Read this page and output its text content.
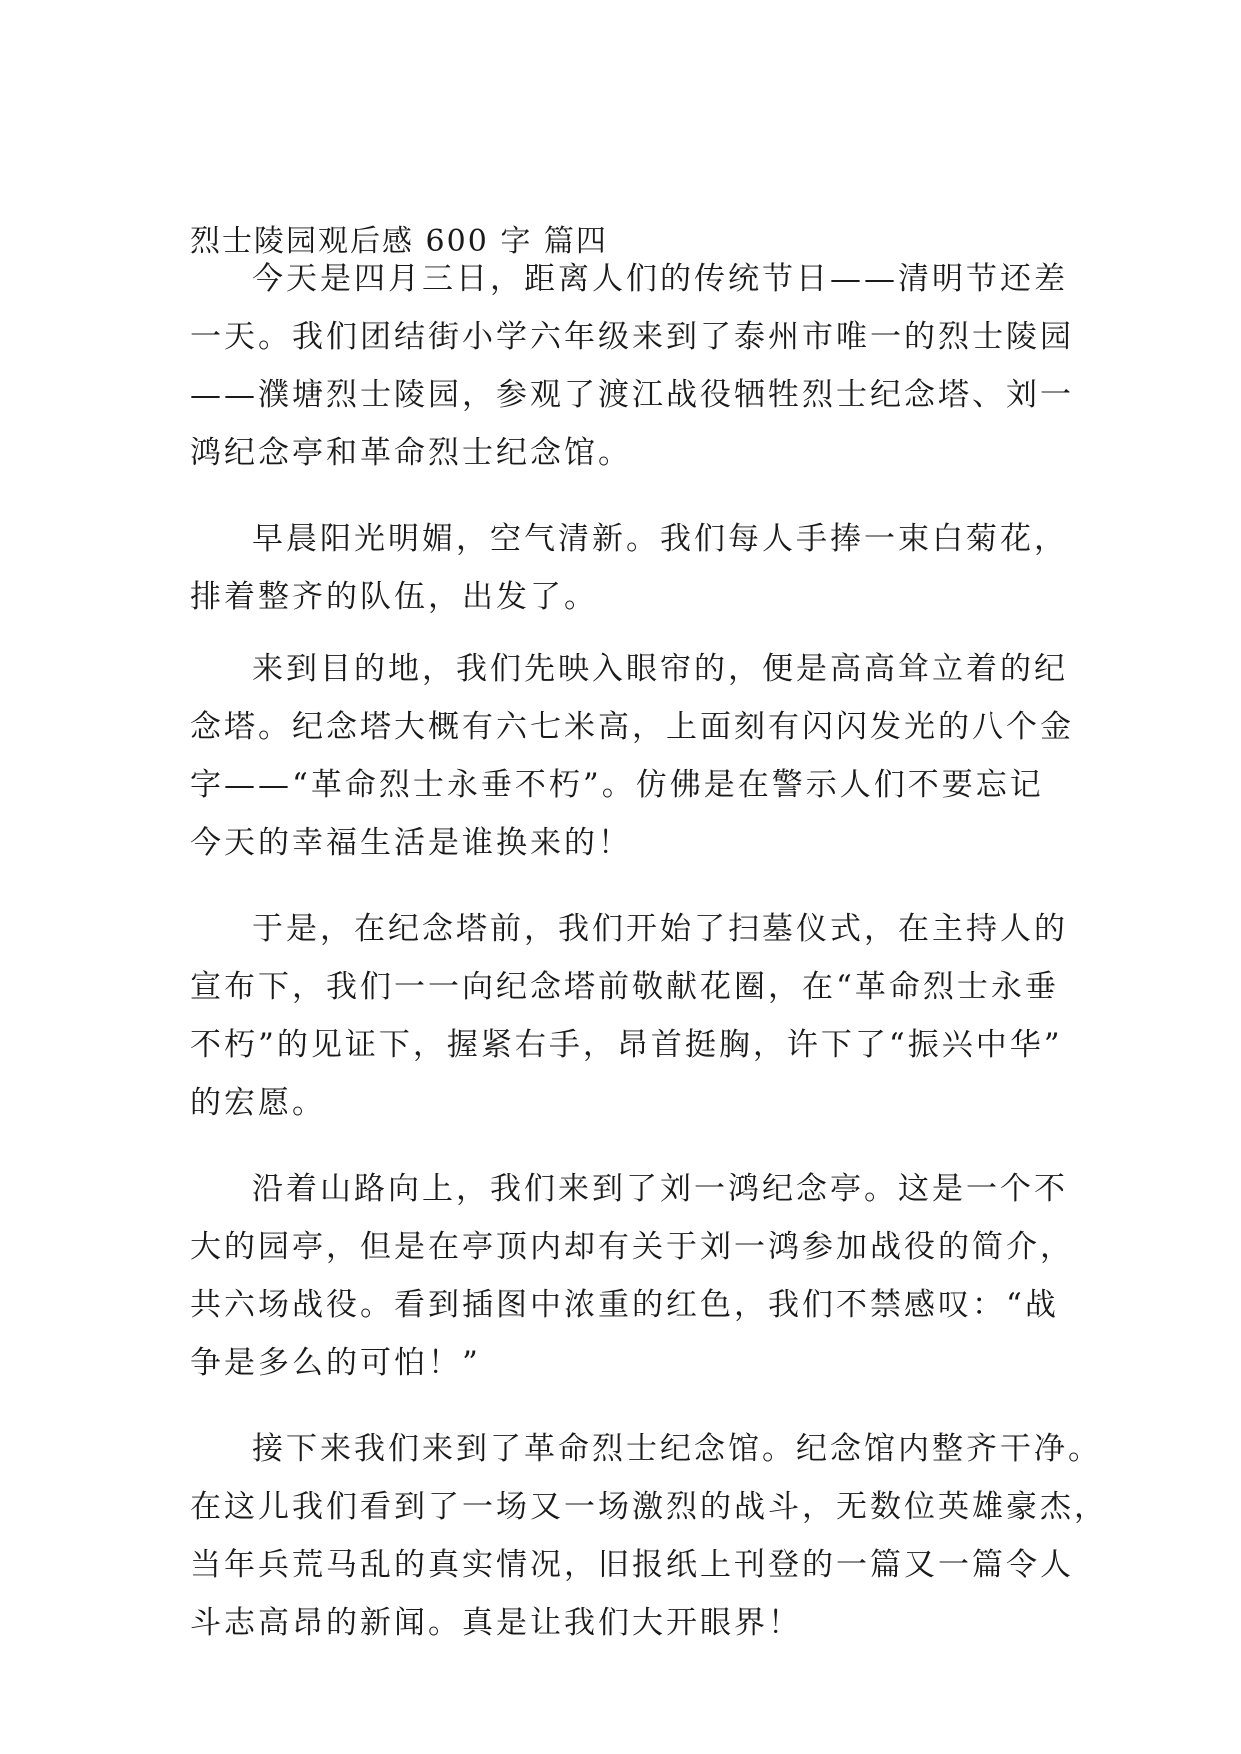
烈士陵园观后感 600 字 篇四

今天是四月三日，距离人们的传统节日——清明节还差
一天。我们团结街小学六年级来到了泰州市唯一的烈士陵园
——濮塘烈士陵园，参观了渡江战役牺牲烈士纪念塔、刘一
鸿纪念亭和革命烈士纪念馆。

早晨阳光明媚，空气清新。我们每人手捧一束白菊花，
排着整齐的队伍，出发了。

来到目的地，我们先映入眼帘的，便是高高耸立着的纪
念塔。纪念塔大概有六七米高，上面刻有闪闪发光的八个金
字——“革命烈士永垂不朽”。仿佛是在警示人们不要忘记
今天的幸福生活是谁换来的！

于是，在纪念塔前，我们开始了扫墓仪式，在主持人的
宣布下，我们一一向纪念塔前敬献花圈，在“革命烈士永垂
不朽”的见证下，握紧右手，昂首挺胸，许下了“振兴中华”
的宏愿。

沿着山路向上，我们来到了刘一鸿纪念亭。这是一个不
大的园亭，但是在亭顶内却有关于刘一鸿参加战役的简介，
共六场战役。看到插图中浓重的红色，我们不禁感叹：“战
争是多么的可怕！”

接下来我们来到了革命烈士纪念馆。纪念馆内整齐干净。
在这儿我们看到了一场又一场激烈的战斗，无数位英雄豪杰，
当年兵荒马乱的真实情况，旧报纸上刊登的一篇又一篇令人
斗志高昂的新闻。真是让我们大开眼界！
